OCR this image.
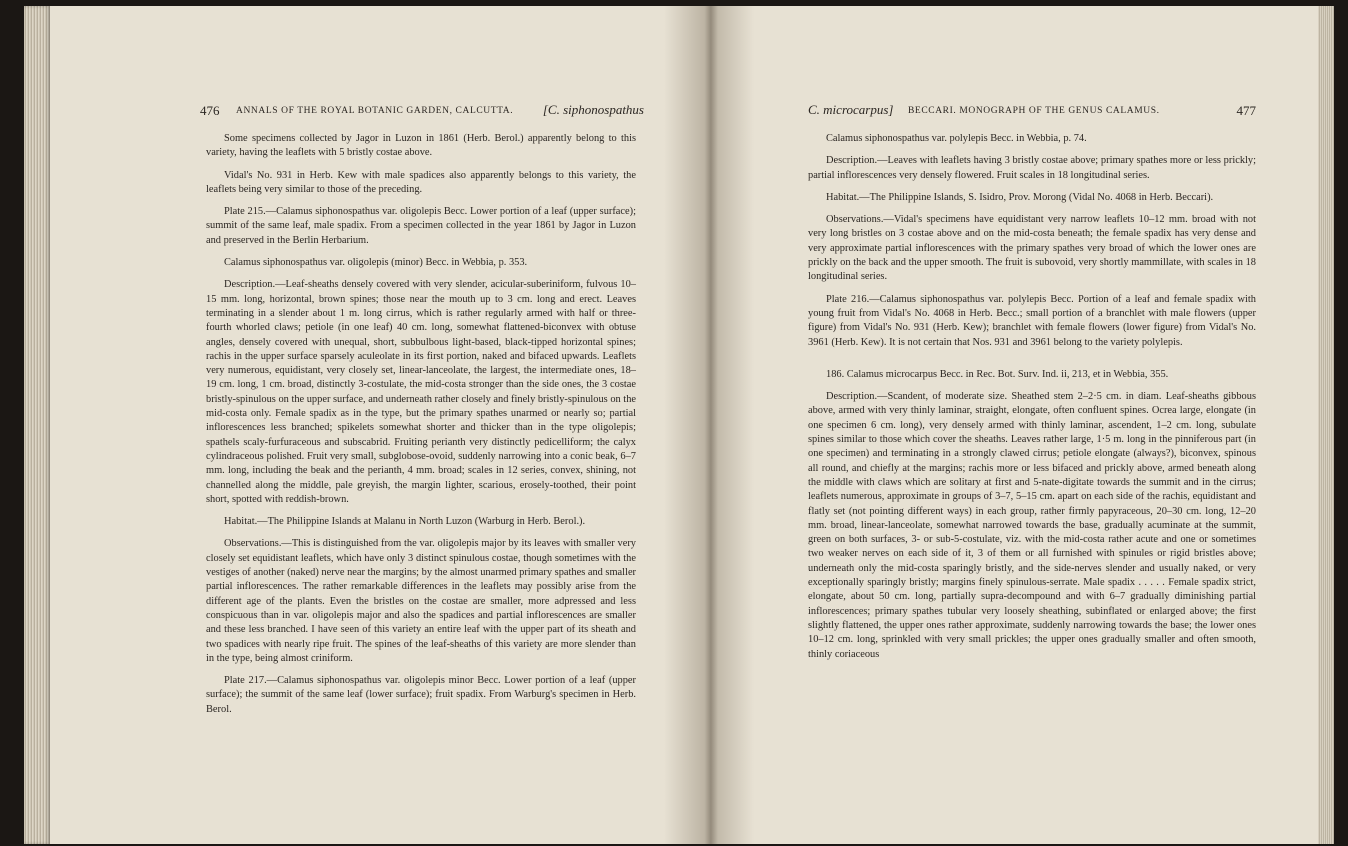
476 ANNALS OF THE ROYAL BOTANIC GARDEN, CALCUTTA. [C. siphonospathus

Some specimens collected by Jagor in Luzon in 1861 (Herb. Berol.) apparently belong to this variety, having the leaflets with 5 bristly costae above.

Vidal's No. 931 in Herb. Kew with male spadices also apparently belongs to this variety, the leaflets being very similar to those of the preceding.

Plate 215.—Calamus siphonospathus var. oligolepis Becc. Lower portion of a leaf (upper surface); summit of the same leaf, male spadix. From a specimen collected in the year 1861 by Jagor in Luzon and preserved in the Berlin Herbarium.

Calamus siphonospathus var. oligolepis (minor) Becc. in Webbia, p. 353.

Description.—Leaf-sheaths densely covered with very slender, acicular-suberiniform, fulvous 10–15 mm. long, horizontal, brown spines; those near the mouth up to 3 cm. long and erect. Leaves terminating in a slender about 1 m. long cirrus, which is rather regularly armed with half or three-fourth whorled claws; petiole (in one leaf) 40 cm. long, somewhat flattened-biconvex with obtuse angles, densely covered with unequal, short, subbulbous light-based, black-tipped horizontal spines; rachis in the upper surface sparsely aculeolate in its first portion, naked and bifaced upwards. Leaflets very numerous, equidistant, very closely set, linear-lanceolate, the largest, the intermediate ones, 18–19 cm. long, 1 cm. broad, distinctly 3-costulate, the mid-costa stronger than the side ones, the 3 costae bristly-spinulous on the upper surface, and underneath rather closely and finely bristly-spinulous on the mid-costa only. Female spadix as in the type, but the primary spathes unarmed or nearly so; partial inflorescences less branched; spikelets somewhat shorter and thicker than in the type oligolepis; spathels scaly-furfuraceous and subscabrid. Fruiting perianth very distinctly pedicelliform; the calyx cylindraceous polished. Fruit very small, subglobose-ovoid, suddenly narrowing into a conic beak, 6–7 mm. long, including the beak and the perianth, 4 mm. broad; scales in 12 series, convex, shining, not channelled along the middle, pale greyish, the margin lighter, scarious, erosely-toothed, their point short, spotted with reddish-brown.

Habitat.—The Philippine Islands at Malanu in North Luzon (Warburg in Herb. Berol.).

Observations.—This is distinguished from the var. oligolepis major by its leaves with smaller very closely set equidistant leaflets, which have only 3 distinct spinulous costae, though sometimes with the vestiges of another (naked) nerve near the margins; by the almost unarmed primary spathes and smaller partial inflorescences. The rather remarkable differences in the leaflets may possibly arise from the different age of the plants. Even the bristles on the costae are smaller, more adpressed and less conspicuous than in var. oligolepis major and also the spadices and partial inflorescences are smaller and these less branched. I have seen of this variety an entire leaf with the upper part of its sheath and two spadices with nearly ripe fruit. The spines of the leaf-sheaths of this variety are more slender than in the type, being almost criniform.

Plate 217.—Calamus siphonospathus var. oligolepis minor Becc. Lower portion of a leaf (upper surface); the summit of the same leaf (lower surface); fruit spadix. From Warburg's specimen in Herb. Berol.

C. microcarpus] BECCARI. MONOGRAPH OF THE GENUS CALAMUS.	477

Calamus siphonospathus var. polylepis Becc. in Webbia, p. 74.

Description.—Leaves with leaflets having 3 bristly costae above; primary spathes more or less prickly; partial inflorescences very densely flowered. Fruit scales in 18 longitudinal series.

Habitat.—The Philippine Islands, S. Isidro, Prov. Morong (Vidal No. 4068 in Herb. Beccari).

Observations.—Vidal's specimens have equidistant very narrow leaflets 10–12 mm. broad with not very long bristles on 3 costae above and on the mid-costa beneath; the female spadix has very dense and very approximate partial inflorescences with the primary spathes very broad of which the lower ones are prickly on the back and the upper smooth. The fruit is subovoid, very shortly mammillate, with scales in 18 longitudinal series.

Plate 216.—Calamus siphonospathus var. polylepis Becc. Portion of a leaf and female spadix with young fruit from Vidal's No. 4068 in Herb. Becc.; small portion of a branchlet with male flowers (upper figure) from Vidal's No. 931 (Herb. Kew); branchlet with female flowers (lower figure) from Vidal's No. 3961 (Herb. Kew). It is not certain that Nos. 931 and 3961 belong to the variety polylepis.

186. Calamus microcarpus Becc. in Rec. Bot. Surv. Ind. ii, 213, et in Webbia, 355.

Description.—Scandent, of moderate size. Sheathed stem 2–2·5 cm. in diam. Leaf-sheaths gibbous above, armed with very thinly laminar, straight, elongate, often confluent spines. Ocrea large, elongate (in one specimen 6 cm. long), very densely armed with thinly laminar, ascendent, 1–2 cm. long, subulate spines similar to those which cover the sheaths. Leaves rather large, 1·5 m. long in the pinniferous part (in one specimen) and terminating in a strongly clawed cirrus; petiole elongate (always?), biconvex, spinous all round, and chiefly at the margins; rachis more or less bifaced and prickly above, armed beneath along the middle with claws which are solitary at first and 5-nate-digitate towards the summit and in the cirrus; leaflets numerous, approximate in groups of 3–7, 5–15 cm. apart on each side of the rachis, equidistant and flatly set (not pointing different ways) in each group, rather firmly papyraceous, 20–30 cm. long, 12–20 mm. broad, linear-lanceolate, somewhat narrowed towards the base, gradually acuminate at the summit, green on both surfaces, 3- or sub-5-costulate, viz. with the mid-costa rather acute and one or sometimes two weaker nerves on each side of it, 3 of them or all furnished with spinules or rigid bristles above; underneath only the mid-costa sparingly bristly, and the side-nerves slender and usually naked, or very exceptionally sparingly bristly; margins finely spinulous-serrate. Male spadix . . . . . Female spadix strict, elongate, about 50 cm. long, partially supra-decompound and with 6–7 gradually diminishing partial inflorescences; primary spathes tubular very loosely sheathing, subinflated or enlarged above; the first slightly flattened, the upper ones rather approximate, suddenly narrowing towards the base; the lower ones 10–12 cm. long, sprinkled with very small prickles; the upper ones gradually smaller and often smooth, thinly coriaceous
